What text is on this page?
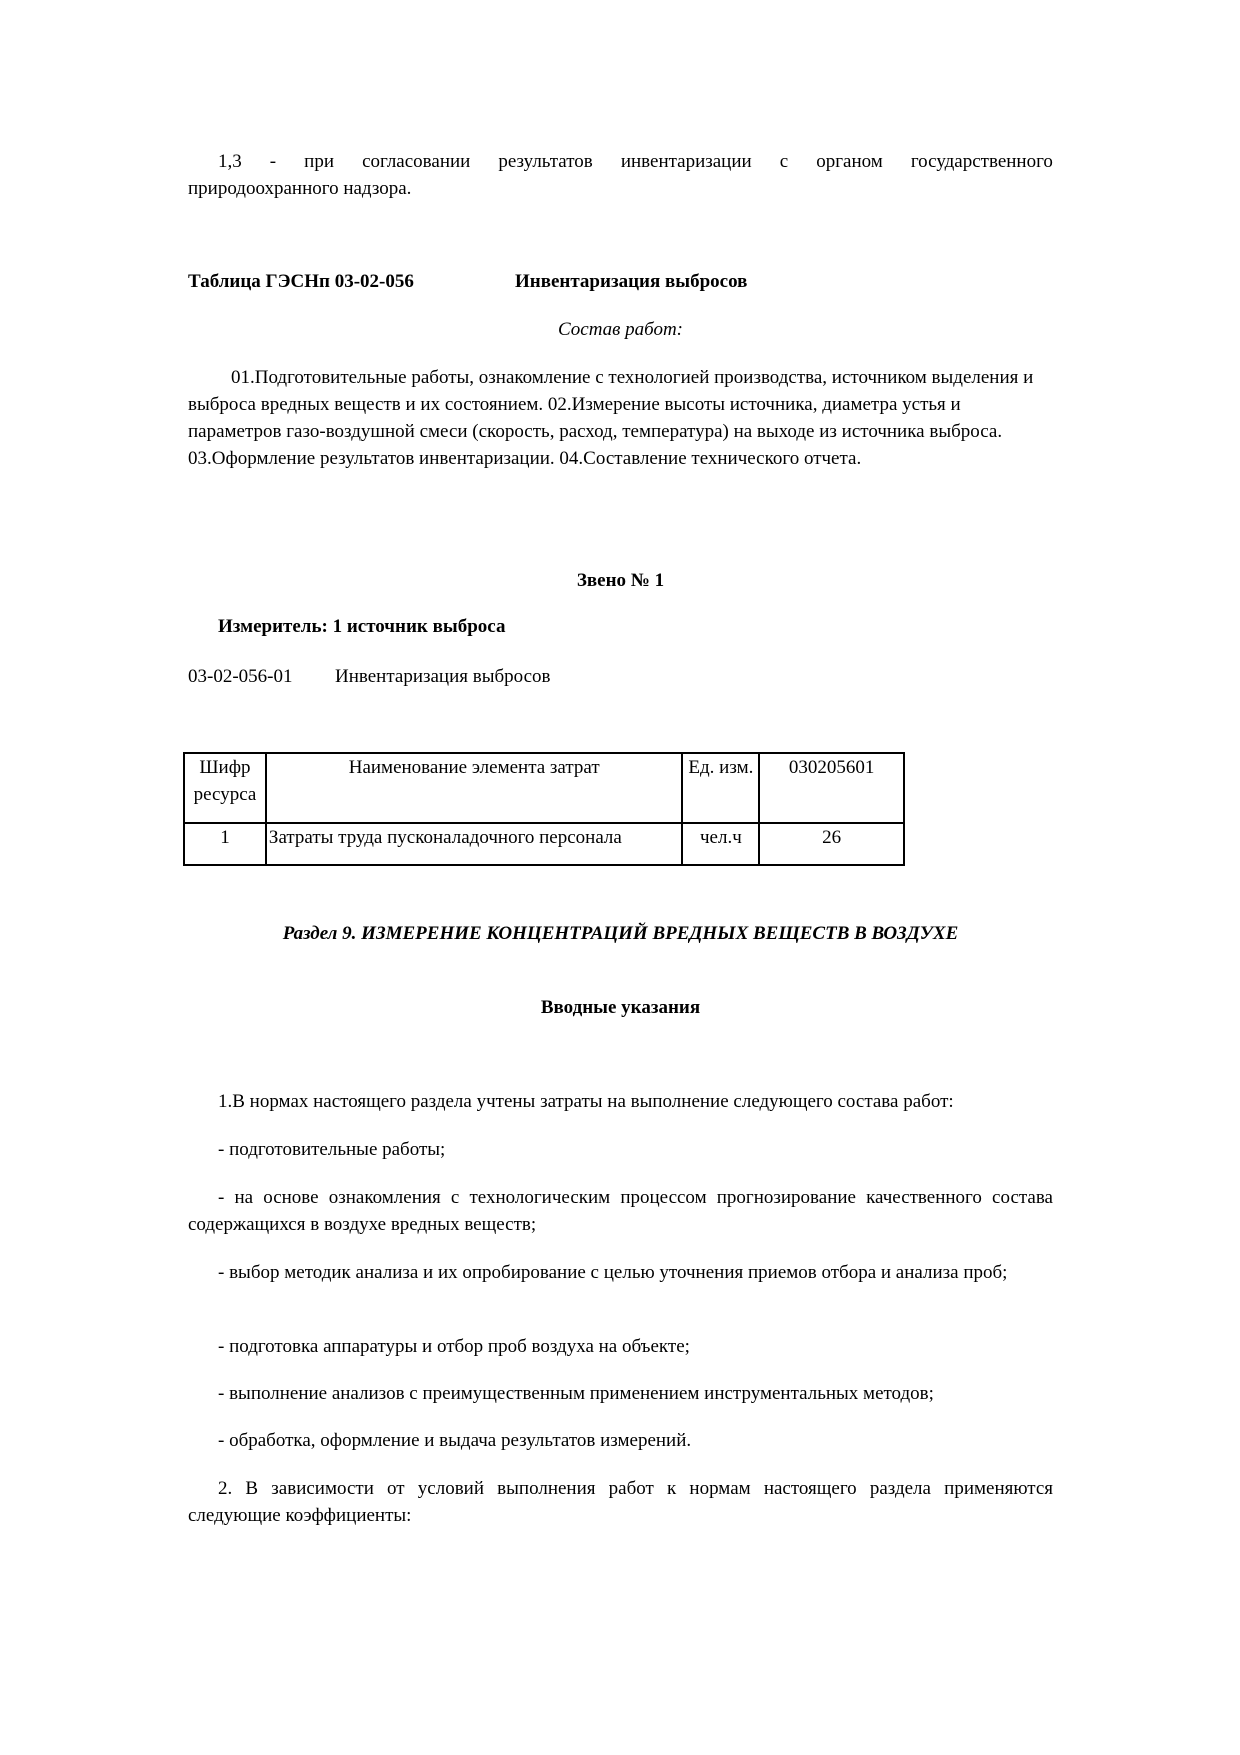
1,3 - при согласовании результатов инвентаризации с органом государственного
природоохранного надзора.
Таблица ГЭСНп 03-02-056	Инвентаризация выбросов
Состав работ:
01.Подготовительные работы, ознакомление с технологией производства, источником выделения и выброса вредных веществ и их состоянием. 02.Измерение высоты источника, диаметра устья и параметров газо-воздушной смеси (скорость, расход, температура) на выходе из источника выброса. 03.Оформление результатов инвентаризации. 04.Составление технического отчета.
Звено № 1
Измеритель: 1 источник выброса
03-02-056-01 Инвентаризация выбросов
Шифр ресурса	Наименование элемента затрат	Ед. изм.	030205601
1	Затраты труда пусконаладочного персонала	чел.ч	26
Раздел 9. ИЗМЕРЕНИЕ КОНЦЕНТРАЦИЙ ВРЕДНЫХ ВЕЩЕСТВ В ВОЗДУХЕ
Вводные указания
1.В нормах настоящего раздела учтены затраты на выполнение следующего состава работ:
- подготовительные работы;
- на основе ознакомления с технологическим процессом прогнозирование качественного состава содержащихся в воздухе вредных веществ;
- выбор методик анализа и их опробирование с целью уточнения приемов отбора и анализа проб;
- подготовка аппаратуры и отбор проб воздуха на объекте;
- выполнение анализов с преимущественным применением инструментальных методов;
- обработка, оформление и выдача результатов измерений.
2. В зависимости от условий выполнения работ к нормам настоящего раздела применяются следующие коэффициенты:
